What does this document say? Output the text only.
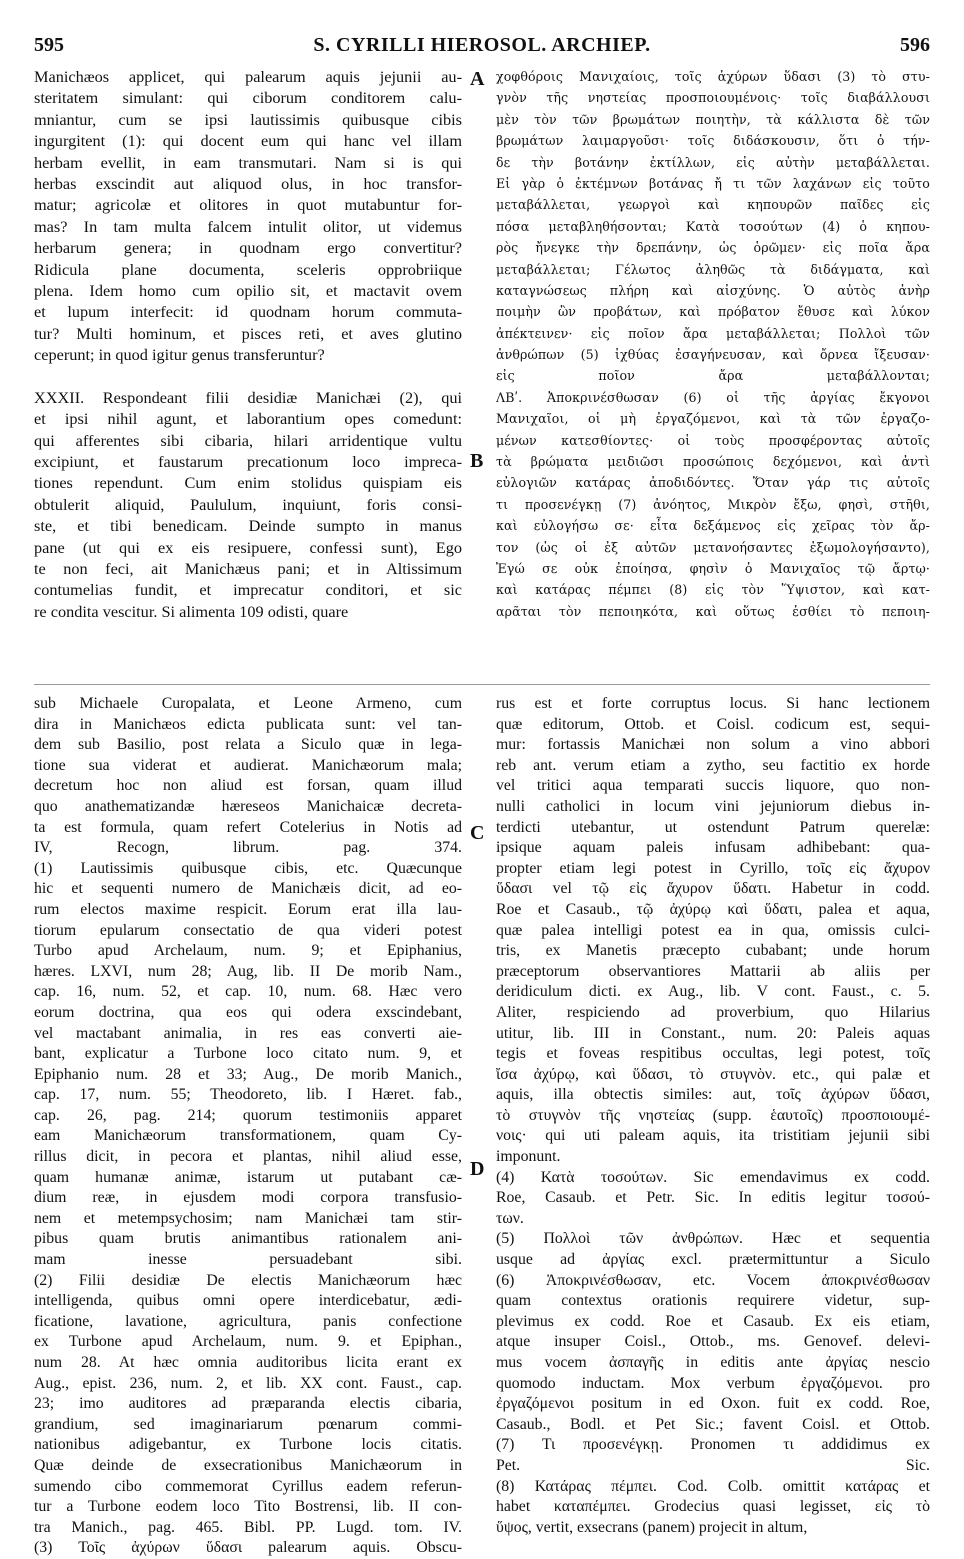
595	S. CYRILLI HIEROSOL. ARCHIEP.	596

Manichæos applicet, qui palearum aquis jejunii au-

steritatem simulant: qui ciborum conditorem calu-

mniantur, cum se ipsi lautissimis quibusque cibis

ingurgitent (1): qui docent eum qui hanc vel illam

herbam evellit, in eam transmutari. Nam si is qui

herbas exscindit aut aliquod olus, in hoc transfor-

matur; agricolæ et olitores in quot mutabuntur for-

mas? In tam multa falcem intulit olitor, ut videmus

herbarum genera; in quodnam ergo convertitur?

Ridicula plane documenta, sceleris opprobriique

plena. Idem homo cum opilio sit, et mactavit ovem

et lupum interfecit: id quodnam horum commuta-

tur? Multi hominum, et pisces reti, et aves glutino

ceperunt; in quod igitur genus transferuntur?

XXXII. Respondeant filii desidiæ Manichæi (2), qui

et ipsi nihil agunt, et laborantium opes comedunt:

qui afferentes sibi cibaria, hilari arridentique vultu

excipiunt, et faustarum precationum loco impreca-

tiones rependunt. Cum enim stolidus quispiam eis

obtulerit aliquid, Paululum, inquiunt, foris consi-

ste, et tibi benedicam. Deinde sumpto in manus

pane (ut qui ex eis resipuere, confessi sunt), Ego

te non feci, ait Manichæus pani; et in Altissimum

contumelias fundit, et imprecatur conditori, et sic

re condita vescitur. Si alimenta 109 odisti, quare

χοφθόροις Μανιχαίοις, τοῖς ἀχύρων ὕδασι (3) τὸ στυ-

γνὸν τῆς νηστείας προσποιουμένοις· τοῖς διαβάλλουσι

μὲν τὸν τῶν βρωμάτων ποιητὴν, τὰ κάλλιστα δὲ τῶν

βρωμάτων λαιμαργοῦσι· τοῖς διδάσκουσιν, ὅτι ὁ τήν-

δε τὴν βοτάνην ἐκτίλλων, εἰς αὐτὴν μεταβάλλεται.

Εἰ γὰρ ὁ ἐκτέμνων βοτάνας ἤ τι τῶν λαχάνων εἰς τοῦτο

μεταβάλλεται, γεωργοὶ καὶ κηπουρῶν παῖδες εἰς

πόσα μεταβληθήσονται; Κατὰ τοσούτων (4) ὁ κηπου-

ρὸς ἤνεγκε τὴν δρεπάνην, ὡς ὁρῶμεν· εἰς ποῖα ἄρα

μεταβάλλεται; Γέλωτος ἀληθῶς τὰ διδάγματα, καὶ

καταγνώσεως πλήρη καὶ αἰσχύνης. Ὁ αὐτὸς ἀνὴρ

ποιμὴν ὢν προβάτων, καὶ πρόβατον ἔθυσε καὶ λύκον

ἀπέκτεινεν· εἰς ποῖον ἄρα μεταβάλλεται; Πολλοὶ τῶν

ἀνθρώπων (5) ἰχθύας ἐσαγήνευσαν, καὶ ὄρνεα ἴξευσαν·

εἰς ποῖον ἄρα μεταβάλλονται;

ΛΒʹ. Ἀποκρινέσθωσαν (6) οἱ τῆς ἀργίας ἔκγονοι

Μανιχαῖοι, οἱ μὴ ἐργαζόμενοι, καὶ τὰ τῶν ἐργαζο-

μένων κατεσθίοντες· οἱ τοὺς προσφέροντας αὐτοῖς

τὰ βρώματα μειδιῶσι προσώποις δεχόμενοι, καὶ ἀντὶ

εὐλογιῶν κατάρας ἀποδιδόντες. Ὅταν γάρ τις αὐτοῖς

τι προσενέγκῃ (7) ἀνόητος, Μικρὸν ἔξω, φησὶ, στῆθι,

καὶ εὐλογήσω σε· εἶτα δεξάμενος εἰς χεῖρας τὸν ἄρ-

τον (ὡς οἱ ἐξ αὐτῶν μετανοήσαντες ἐξωμολογήσαντο),

Ἐγώ σε οὐκ ἐποίησα, φησὶν ὁ Μανιχαῖος τῷ ἄρτῳ·

καὶ κατάρας πέμπει (8) εἰς τὸν Ὕψιστον, καὶ κατ-

αρᾶται τὸν πεποιηκότα, καὶ οὕτως ἐσθίει τὸ πεποιη-

sub Michaele Curopalata, et Leone Armeno, cum

dira in Manichæos edicta publicata sunt: vel tan-

dem sub Basilio, post relata a Siculo quæ in lega-

tione sua viderat et audierat. Manichæorum mala;

decretum hoc non aliud est forsan, quam illud

quo anathematizandæ hæreseos Manichaicæ decreta-

ta est formula, quam refert Cotelerius in Notis ad

IV, Recogn, librum. pag. 374.

(1) Lautissimis quibusque cibis, etc. Quæcunque

hic et sequenti numero de Manichæis dicit, ad eo-

rum electos maxime respicit. Eorum erat illa lau-

tiorum epularum consectatio de qua videri potest

Turbo apud Archelaum, num. 9; et Epiphanius,

hæres. LXVI, num 28; Aug, lib. II De morib Nam.,

cap. 16, num. 52, et cap. 10, num. 68. Hæc vero

eorum doctrina, qua eos qui odera exscindebant,

vel mactabant animalia, in res eas converti aie-

bant, explicatur a Turbone loco citato num. 9, et

Epiphanio num. 28 et 33; Aug., De morib Manich.,

cap. 17, num. 55; Theodoreto, lib. I Hæret. fab.,

cap. 26, pag. 214; quorum testimoniis apparet

eam Manichæorum transformationem, quam Cy-

rillus dicit, in pecora et plantas, nihil aliud esse,

quam humanæ animæ, istarum ut putabant cæ-

dium reæ, in ejusdem modi corpora transfusio-

nem et metempsychosim; nam Manichæi tam stir-

pibus quam brutis animantibus rationalem ani-

mam inesse persuadebant sibi.

(2) Filii desidiæ De electis Manichæorum hæc

intelligenda, quibus omni opere interdicebatur, ædi-

ficatione, lavatione, agricultura, panis confectione

ex Turbone apud Archelaum, num. 9. et Epiphan.,

num 28. At hæc omnia auditoribus licita erant ex

Aug., epist. 236, num. 2, et lib. XX cont. Faust., cap.

23; imo auditores ad præparanda electis cibaria,

grandium, sed imaginariarum pœnarum commi-

nationibus adigebantur, ex Turbone locis citatis.

Quæ deinde de exsecrationibus Manichæorum in

sumendo cibo commemorat Cyrillus eadem referun-

tur a Turbone eodem loco Tito Bostrensi, lib. II con-

tra Manich., pag. 465. Bibl. PP. Lugd. tom. IV.

(3) Τοῖς ἀχύρων ὕδασι palearum aquis. Obscu-

rus est et forte corruptus locus. Si hanc lectionem

quæ editorum, Ottob. et Coisl. codicum est, sequi-

mur: fortassis Manichæi non solum a vino abbori

reb ant. verum etiam a zytho, seu factitio ex horde

vel tritici aqua temparati succis liquore, quo non-

nulli catholici in locum vini jejuniorum diebus in-

terdicti utebantur, ut ostendunt Patrum querelæ:

ipsique aquam paleis infusam adhibebant: qua-

propter etiam legi potest in Cyrillo, τοῖς εἰς ἄχυρον

ὕδασι vel τῷ εἰς ἄχυρον ὕδατι. Habetur in codd.

Roe et Casaub., τῷ ἀχύρῳ καὶ ὕδατι, palea et aqua,

quæ palea intelligi potest ea in qua, omissis culci-

tris, ex Manetis præcepto cubabant; unde horum

præceptorum observantiores Mattarii ab aliis per

deridiculum dicti. ex Aug., lib. V cont. Faust., c. 5.

Aliter, respiciendo ad proverbium, quo Hilarius

utitur, lib. III in Constant., num. 20: Paleis aquas

tegis et foveas respitibus occultas, legi potest, τοῖς

ἴσα ἀχύρῳ, καὶ ὕδασι, τὸ στυγνὸν. etc., qui palæ et

aquis, illa obtectis similes: aut, τοῖς ἀχύρων ὕδασι,

τὸ στυγνὸν τῆς νηστείας (supp. ἑαυτοῖς) προσποιουμέ-

νοις· qui uti paleam aquis, ita tristitiam jejunii sibi

imponunt.

(4) Κατὰ τοσούτων. Sic emendavimus ex codd.

Roe, Casaub. et Petr. Sic. In editis legitur τοσού-

των.

(5) Πολλοὶ τῶν ἀνθρώπων. Hæc et sequentia

usque ad ἀργίας excl. prætermittuntur a Siculo

(6) Ἀποκρινέσθωσαν, etc. Vocem ἀποκρινέσθωσαν

quam contextus orationis requirere videtur, sup-

plevimus ex codd. Roe et Casaub. Ex eis etiam,

atque insuper Coisl., Ottob., ms. Genovef. delevi-

mus vocem ἀσπαγῆς in editis ante ἀργίας nescio

quomodo inductam. Mox verbum ἐργαζόμενοι. pro

ἐργαζόμενοι positum in ed Oxon. fuit ex codd. Roe,

Casaub., Bodl. et Pet Sic.; favent Coisl. et Ottob.

(7) Τι προσενέγκῃ. Pronomen τι addidimus ex

Pet. Sic.

(8) Κατάρας πέμπει. Cod. Colb. omittit κατάρας et

habet καταπέμπει. Grodecius quasi legisset, εἰς τὸ

ὕψος, vertit, exsecrans (panem) projecit in altum,

A
B
C
D
